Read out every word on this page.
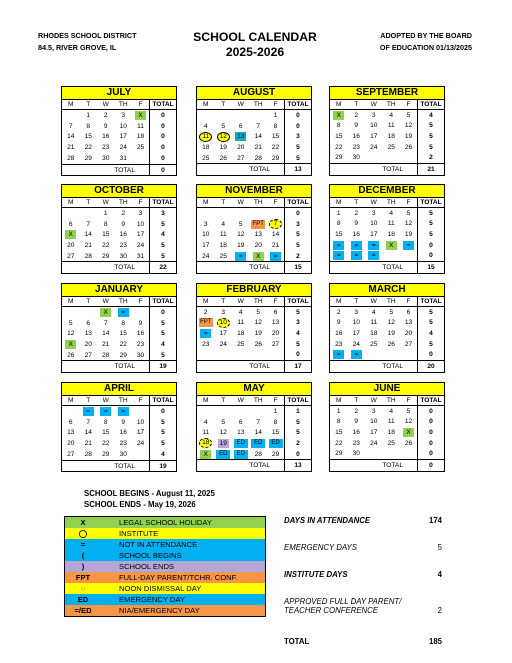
RHODES SCHOOL DISTRICT
84.5, RIVER GROVE, IL
SCHOOL CALENDAR
2025-2026
ADOPTED BY THE BOARD
OF EDUCATION 01/13/2025
JULY
M	T	W	TH	F	TOTAL
	1	2	3	X	0
7	8	9	10	11	0
14	15	16	17	18	0
21	22	23	24	25	0
28	29	30	31		0
TOTAL					0
AUGUST
M	T	W	TH	F	TOTAL
				1	0
4	5	6	7	8	0
11	12	13	14	15	3
18	19	20	21	22	5
25	26	27	28	29	5
TOTAL					13
SEPTEMBER
M	T	W	TH	F	TOTAL
X	2	3	4	5	4
8	9	10	11	12	5
15	16	17	18	19	5
22	23	24	25	26	5
29	30				2
TOTAL					21
OCTOBER
M	T	W	TH	F	TOTAL
		1	2	3	3
6	7	8	9	10	5
X	14	15	16	17	4
20	21	22	23	24	5
27	28	29	30	31	5
TOTAL					22
NOVEMBER
M	T	W	TH	F	TOTAL
					0
3	4	5	FPT	7	3
10	11	12	13	14	5
17	18	19	20	21	5
24	25	=	X	=	2
TOTAL					15
DECEMBER
M	T	W	TH	F	TOTAL
1	2	3	4	5	5
8	9	10	11	12	5
15	16	17	18	19	5
=	=	=	X	=	0
=	=	=			0
TOTAL					15
JANUARY
M	T	W	TH	F	TOTAL
		X	=		0
5	6	7	8	9	5
12	13	14	15	16	5
X	20	21	22	23	4
26	27	28	29	30	5
TOTAL					19
FEBRUARY
M	T	W	TH	F	TOTAL
2	3	4	5	6	5
FPT	10	11	12	13	3
=	17	18	19	20	4
23	24	25	26	27	5
					0
TOTAL					17
MARCH
M	T	W	TH	F	TOTAL
2	3	4	5	6	5
9	10	11	12	13	5
16	17	18	19	20	4
23	24	25	26	27	5
=	=				0
TOTAL					20
APRIL
M	T	W	TH	F	TOTAL
	=	=	=		0
6	7	8	9	10	5
13	14	15	16	17	5
20	21	22	23	24	5
27	28	29	30		4
TOTAL					19
MAY
M	T	W	TH	F	TOTAL
				1	1
4	5	6	7	8	5
11	12	13	14	15	5
18	19	ED	ED	ED	2
X	ED	ED	28	29	0
TOTAL					13
JUNE
M	T	W	TH	F	TOTAL
1	2	3	4	5	0
8	9	10	11	12	0
15	16	17	18	X	0
22	23	24	25	26	0
29	30				0
TOTAL					0
SCHOOL BEGINS - August 11, 2025
SCHOOL ENDS - May 19, 2026
X	LEGAL SCHOOL HOLIDAY
◯	INSTITUTE
=	NOT IN ATTENDANCE
(	SCHOOL BEGINS
)	SCHOOL ENDS
FPT	FULL-DAY PARENT/TCHR. CONF.
◌	NOON DISMISSAL DAY
ED	EMERGENCY DAY
=/ED	NIA/EMERGENCY DAY
DAYS IN ATTENDANCE	174
EMERGENCY DAYS	5
INSTITUTE DAYS	4
APPROVED FULL DAY PARENT/ TEACHER CONFERENCE	2
TOTAL	185
